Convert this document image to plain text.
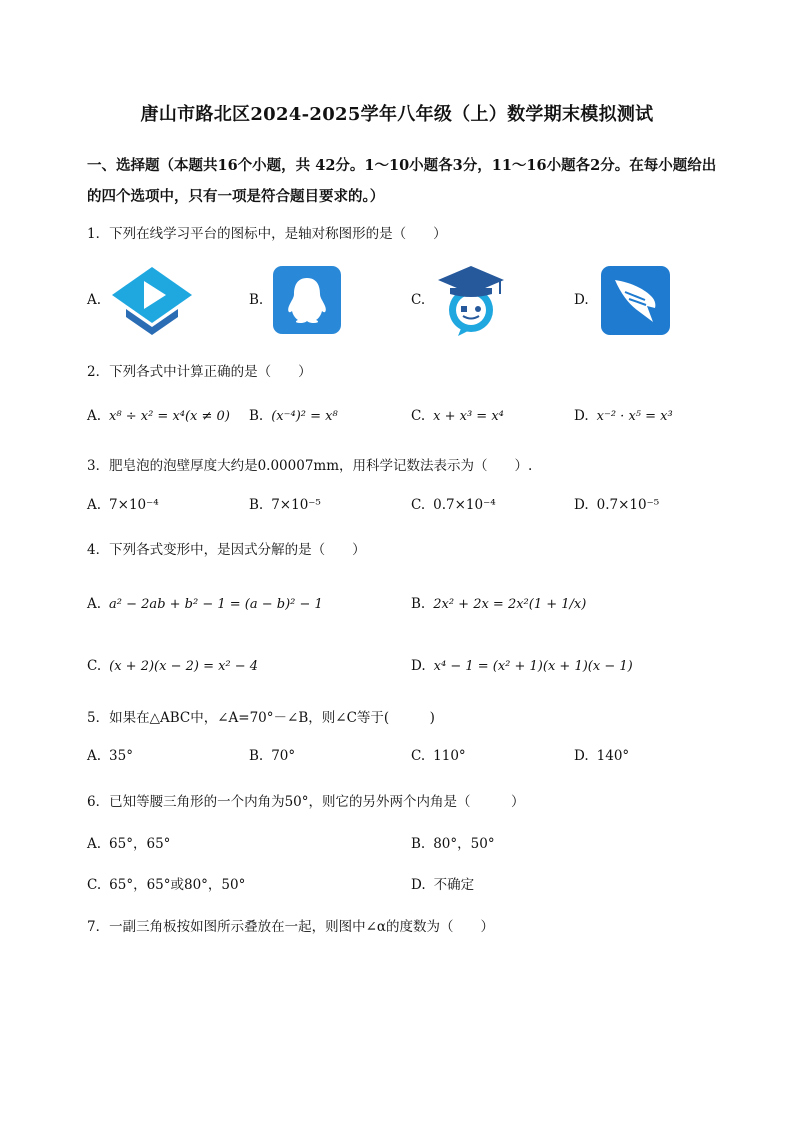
唐山市路北区2024-2025学年八年级（上）数学期末模拟测试
一、选择题（本题共16个小题，共 42分。1～10小题各3分，11～16小题各2分。在每小题给出的四个选项中，只有一项是符合题目要求的。）
1．下列在线学习平台的图标中，是轴对称图形的是（　　）
A.	B.	C.	D.
2．下列各式中计算正确的是（　　）
A. x⁸ ÷ x² = x⁴(x ≠ 0) B. (x⁻⁴)² = x⁸	C. x + x³ = x⁴	D. x⁻² · x⁵ = x³
3．肥皂泡的泡壁厚度大约是0.00007mm，用科学记数法表示为（　　）.
A. 7×10⁻⁴	B. 7×10⁻⁵	C. 0.7×10⁻⁴	D. 0.7×10⁻⁵
4．下列各式变形中，是因式分解的是（　　）
A. a² − 2ab + b² − 1 = (a − b)² − 1	B. 2x² + 2x = 2x²(1 + 1/x)
C. (x + 2)(x − 2) = x² − 4	D. x⁴ − 1 = (x² + 1)(x + 1)(x − 1)
5．如果在△ABC中，∠A=70°－∠B，则∠C等于(　　　)
A. 35°	B. 70°	C. 110°	D. 140°
6．已知等腰三角形的一个内角为50°，则它的另外两个内角是（　　　）
A. 65°，65°	B. 80°，50°
C. 65°，65°或80°，50°	D. 不确定
7．一副三角板按如图所示叠放在一起，则图中∠α的度数为（　　）
